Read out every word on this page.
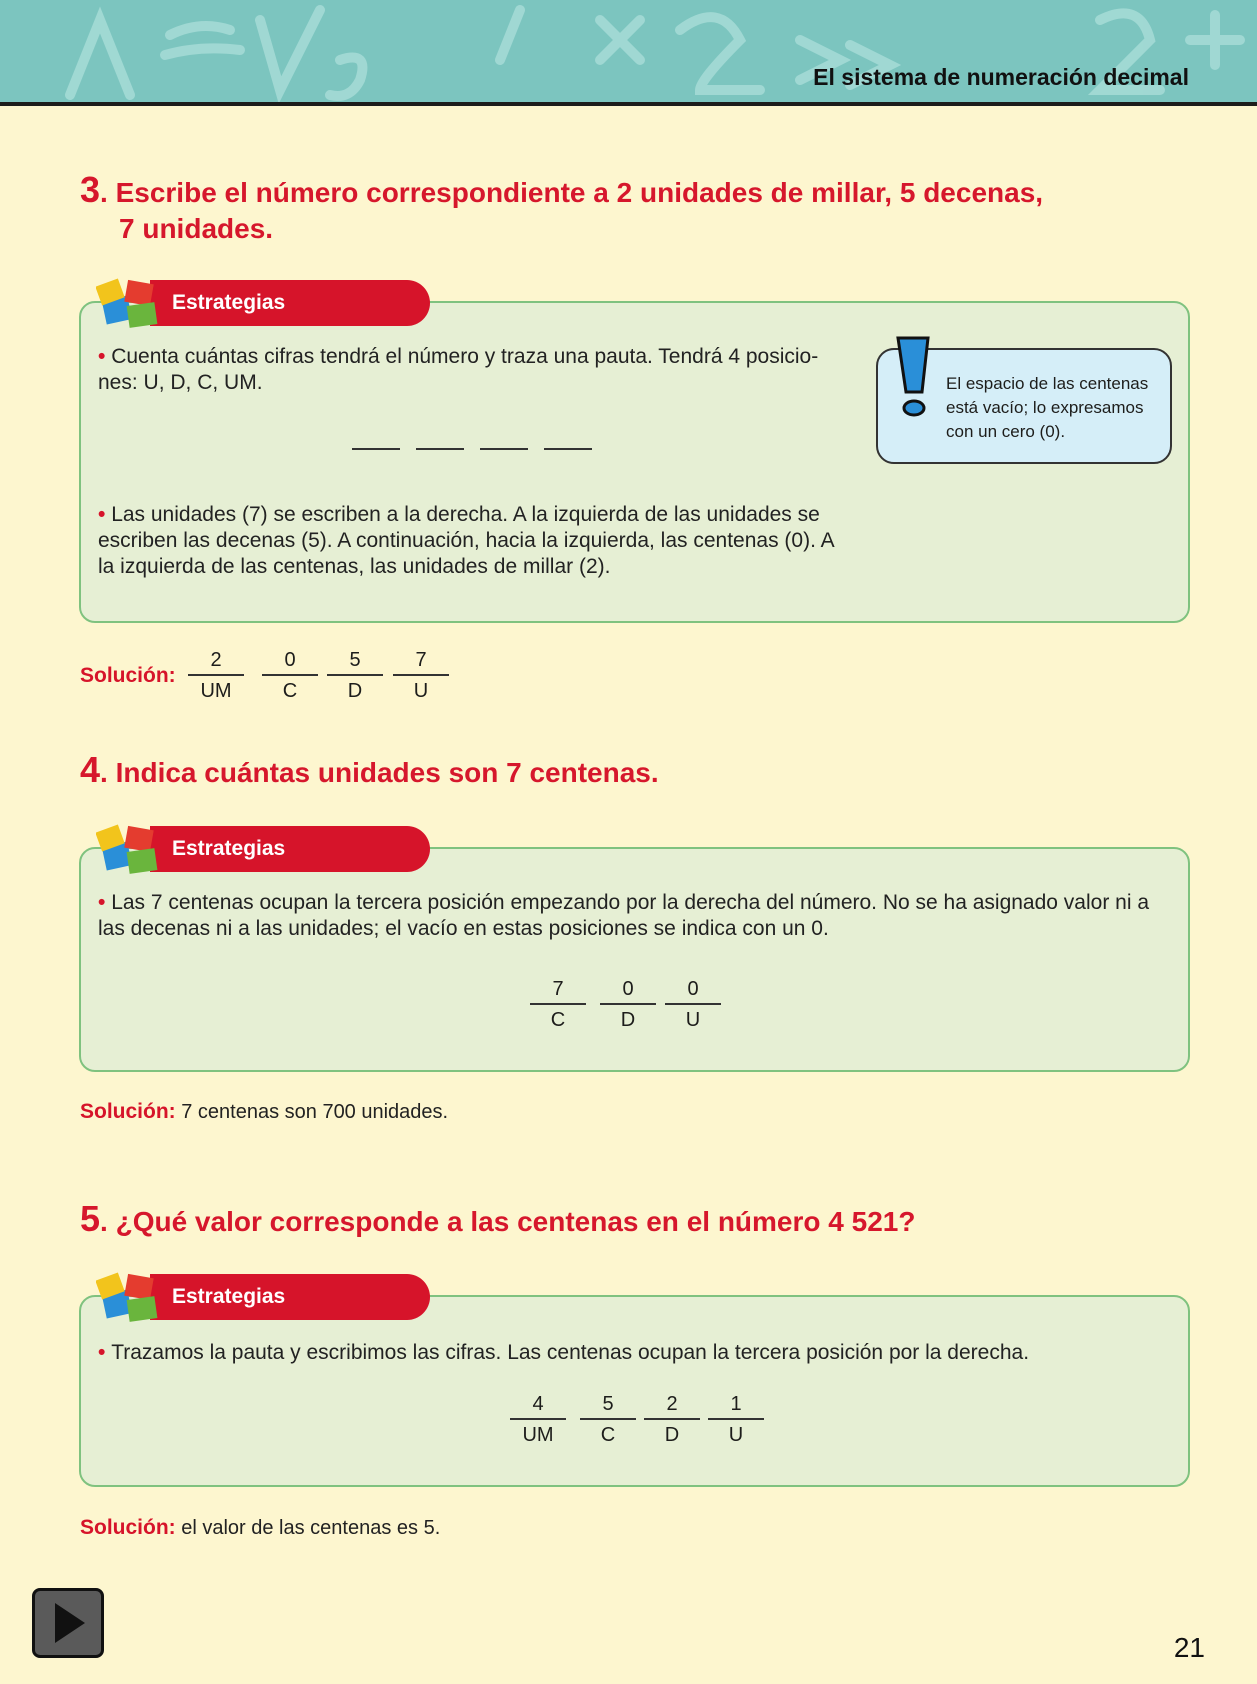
El sistema de numeración decimal
3. Escribe el número correspondiente a 2 unidades de millar, 5 decenas,
7 unidades.
Estrategias
• Cuenta cuántas cifras tendrá el número y traza una pauta. Tendrá 4 posicio-
nes: U, D, C, UM.
• Las unidades (7) se escriben a la derecha. A la izquierda de las unidades se
escriben las decenas (5). A continuación, hacia la izquierda, las centenas (0). A
la izquierda de las centenas, las unidades de millar (2).
El espacio de las centenas
está vacío; lo expresamos
con un cero (0).
Solución:
2
UM
0
C
5
D
7
U
4. Indica cuántas unidades son 7 centenas.
Estrategias
• Las 7 centenas ocupan la tercera posición empezando por la derecha del número. No se ha asignado valor ni a
las decenas ni a las unidades; el vacío en estas posiciones se indica con un 0.
7
C
0
D
0
U
Solución: 7 centenas son 700 unidades.
5. ¿Qué valor corresponde a las centenas en el número 4 521?
Estrategias
• Trazamos la pauta y escribimos las cifras. Las centenas ocupan la tercera posición por la derecha.
4
UM
5
C
2
D
1
U
Solución: el valor de las centenas es 5.
21
